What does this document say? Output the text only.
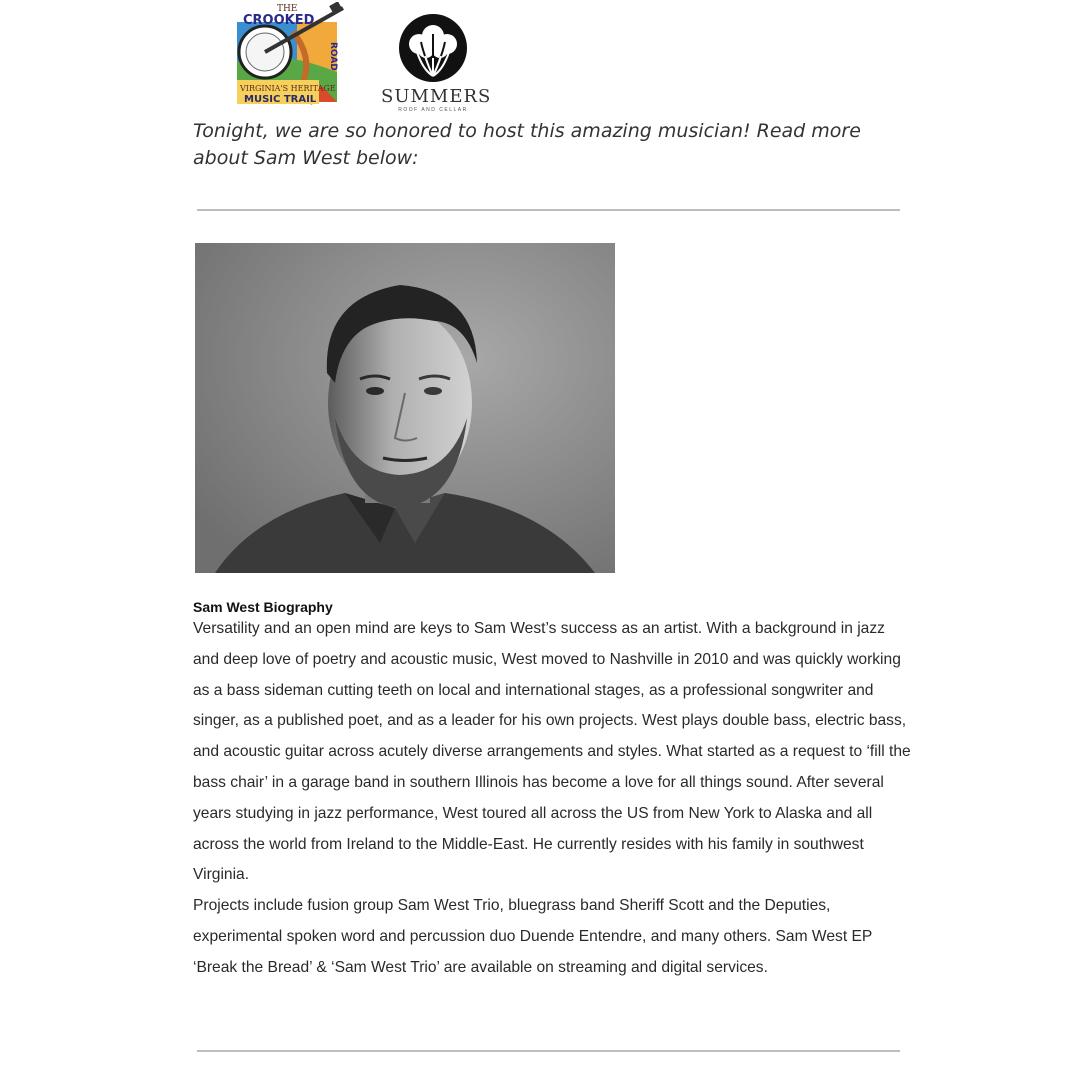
THE
CROOKED
ROAD
VIRGINIA'S HERITAGE
MUSIC TRAIL	SUMMERS
ROOF AND CELLAR
Tonight, we are so honored to host this amazing musician! Read more about Sam West below:
Sam West Biography

Versatility and an open mind are keys to Sam West’s success as an artist. With a background in jazz and deep love of poetry and acoustic music, West moved to Nashville in 2010 and was quickly working as a bass sideman cutting teeth on local and international stages, as a professional songwriter and singer, as a published poet, and as a leader for his own projects. West plays double bass, electric bass, and acoustic guitar across acutely diverse arrangements and styles. What started as a request to ‘fill the bass chair’ in a garage band in southern Illinois has become a love for all things sound. After several years studying in jazz performance, West toured all across the US from New York to Alaska and all across the world from Ireland to the Middle-East. He currently resides with his family in southwest Virginia.

Projects include fusion group Sam West Trio, bluegrass band Sheriff Scott and the Deputies, experimental spoken word and percussion duo Duende Entendre, and many others. Sam West EP ‘Break the Bread’ & ‘Sam West Trio’ are available on streaming and digital services.
